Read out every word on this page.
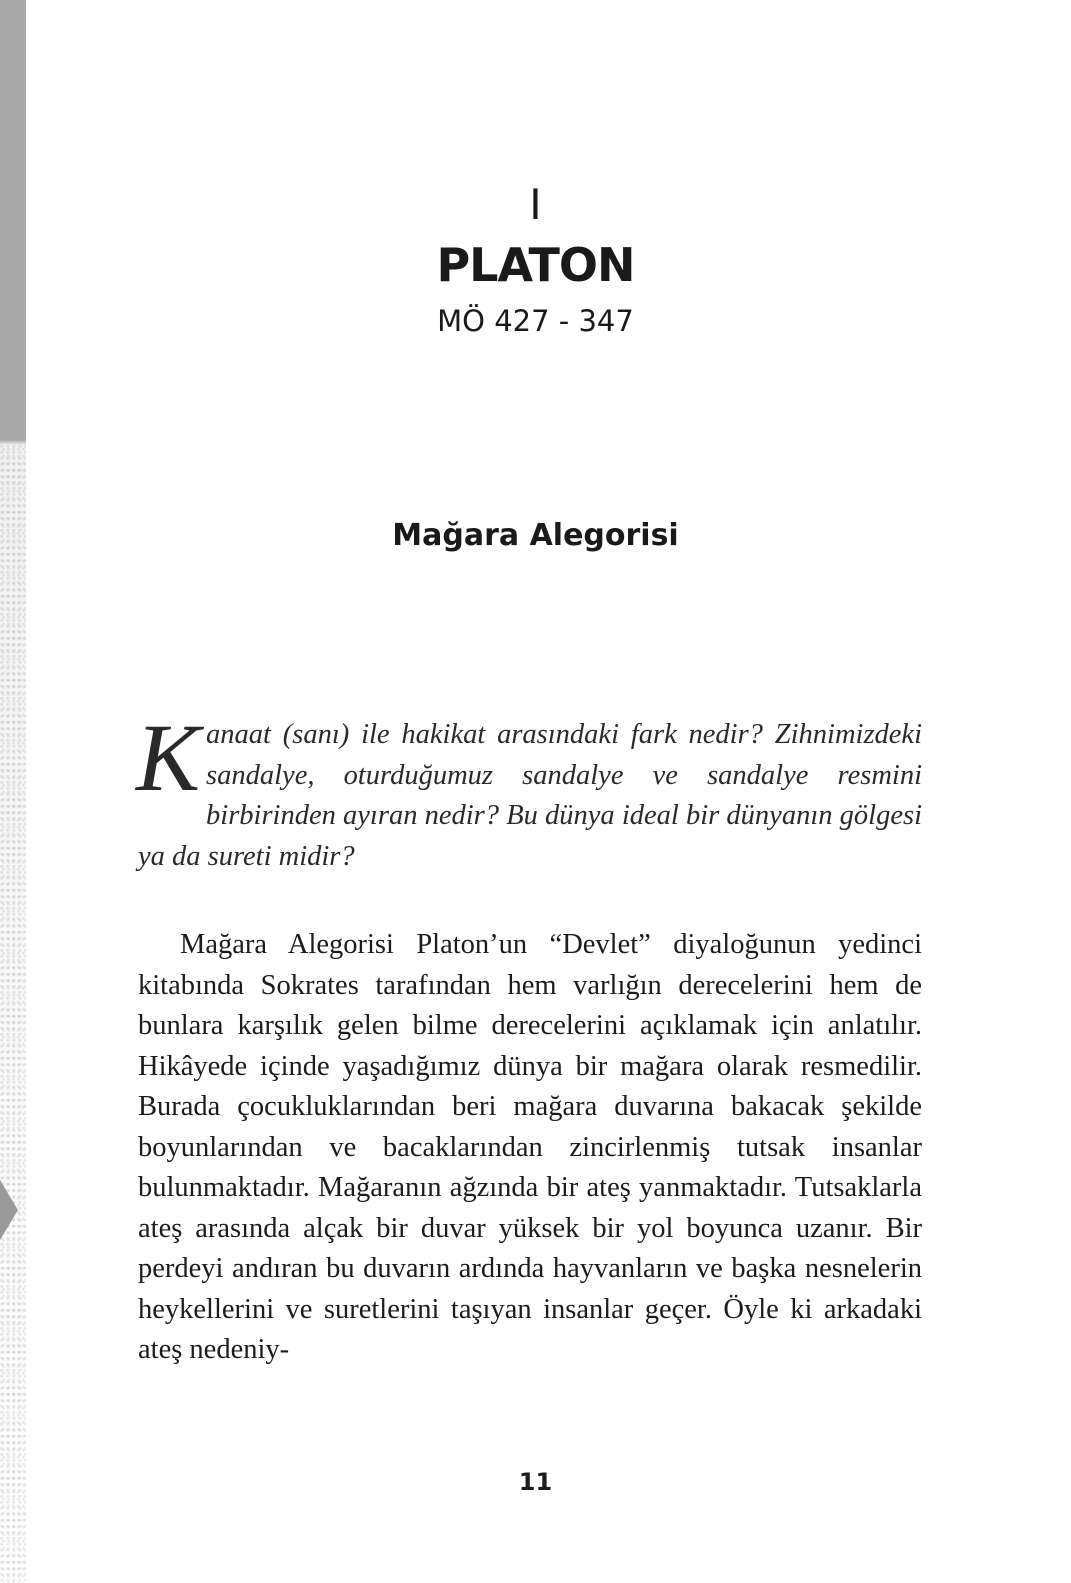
I
PLATON
MÖ 427 - 347
Mağara Alegorisi
Kanaat (sanı) ile hakikat arasındaki fark nedir? Zihnimizdeki sandalye, oturduğumuz sandalye ve sandalye resmini birbirinden ayıran nedir? Bu dünya ideal bir dünyanın gölgesi ya da sureti midir?
Mağara Alegorisi Platon’un “Devlet” diyaloğunun yedinci kitabında Sokrates tarafından hem varlığın derecelerini hem de bunlara karşılık gelen bilme derecelerini açıklamak için anlatılır. Hikâyede içinde yaşadığımız dünya bir mağara olarak resmedilir. Burada çocukluklarından beri mağara duvarına bakacak şekilde boyunlarından ve bacaklarından zincirlenmiş tutsak insanlar bulunmaktadır. Mağaranın ağzında bir ateş yanmaktadır. Tutsaklarla ateş arasında alçak bir duvar yüksek bir yol boyunca uzanır. Bir perdeyi andıran bu duvarın ardında hayvanların ve başka nesnelerin heykellerini ve suretlerini taşıyan insanlar geçer. Öyle ki arkadaki ateş nedeniy-
11
